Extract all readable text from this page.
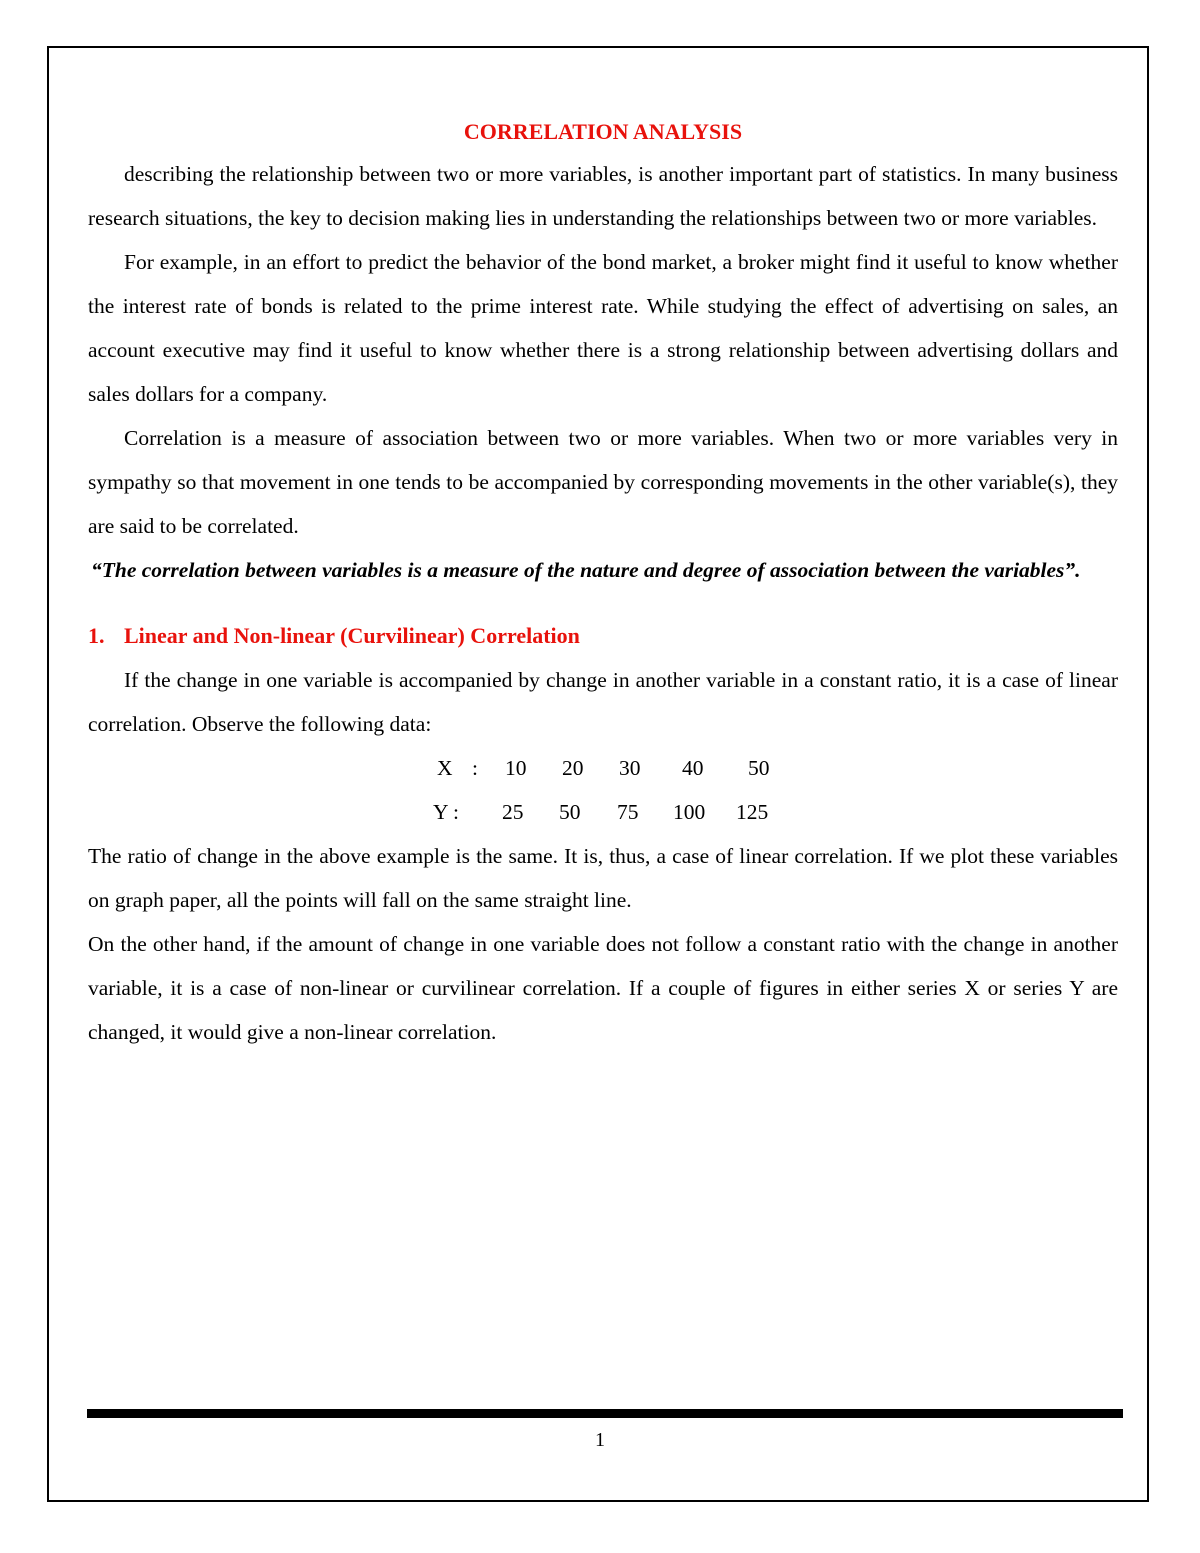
CORRELATION ANALYSIS

describing the relationship between two or more variables, is another important part of statistics. In many business research situations, the key to decision making lies in understanding the relationships between two or more variables.

For example, in an effort to predict the behavior of the bond market, a broker might find it useful to know whether the interest rate of bonds is related to the prime interest rate. While studying the effect of advertising on sales, an account executive may find it useful to know whether there is a strong relationship between advertising dollars and sales dollars for a company.

Correlation is a measure of association between two or more variables. When two or more variables very in sympathy so that movement in one tends to be accompanied by corresponding movements in the other variable(s), they are said to be correlated.

“The correlation between variables is a measure of the nature and degree of association between the variables”.

1. Linear and Non-linear (Curvilinear) Correlation

If the change in one variable is accompanied by change in another variable in a constant ratio, it is a case of linear correlation. Observe the following data:

X : 10 20 30 40 50
Y : 25 50 75 100 125

The ratio of change in the above example is the same. It is, thus, a case of linear correlation. If we plot these variables on graph paper, all the points will fall on the same straight line.

On the other hand, if the amount of change in one variable does not follow a constant ratio with the change in another variable, it is a case of non-linear or curvilinear correlation. If a couple of figures in either series X or series Y are changed, it would give a non-linear correlation.

1
